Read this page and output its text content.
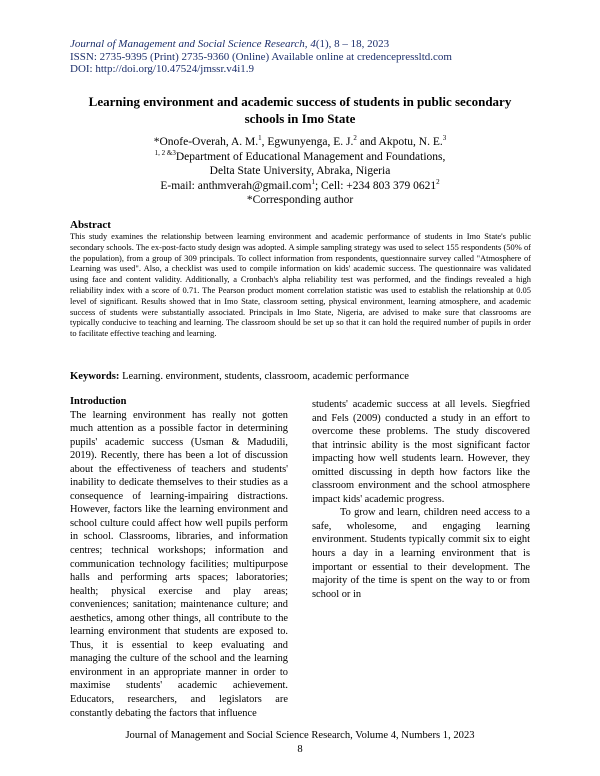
Journal of Management and Social Science Research, 4(1), 8 – 18, 2023
ISSN: 2735-9395 (Print) 2735-9360 (Online) Available online at credencepressltd.com
DOI: http://doi.org/10.47524/jmssr.v4i1.9
Learning environment and academic success of students in public secondary schools in Imo State
*Onofe-Overah, A. M.$^1$, Egwunyenga, E. J.$^2$ and Akpotu, N. E.$^3$
$^{1, 2 \&3}$Department of Educational Management and Foundations,
Delta State University, Abraka, Nigeria
E-mail: anthmverah@gmail.com$^1$; Cell: +234 803 379 0621$^2$
*Corresponding author
Abstract
This study examines the relationship between learning environment and academic performance of students in Imo State's public secondary schools. The ex-post-facto study design was adopted. A simple sampling strategy was used to select 155 respondents (50% of the population), from a group of 309 principals. To collect information from respondents, questionnaire survey called "Atmosphere of Learning was used". Also, a checklist was used to compile information on kids' academic success. The questionnaire was validated using face and content validity. Additionally, a Cronbach's alpha reliability test was performed, and the findings revealed a high reliability index with a score of 0.71. The Pearson product moment correlation statistic was used to establish the relationship at 0.05 level of significant. Results showed that in Imo State, classroom setting, physical environment, learning atmosphere, and academic success of students were substantially associated. Principals in Imo State, Nigeria, are advised to make sure that classrooms are typically conducive to teaching and learning. The classroom should be set up so that it can hold the required number of pupils in order to facilitate effective teaching and learning.
Keywords: Learning. environment, students, classroom, academic performance
Introduction

The learning environment has really not gotten much attention as a possible factor in determining pupils' academic success (Usman & Madudili, 2019). Recently, there has been a lot of discussion about the effectiveness of teachers and students' inability to dedicate themselves to their studies as a consequence of learning-impairing distractions. However, factors like the learning environment and school culture could affect how well pupils perform in school. Classrooms, libraries, and information centres; technical workshops; information and communication technology facilities; multipurpose halls and performing arts spaces; laboratories; health; physical exercise and play areas; conveniences; sanitation; maintenance culture; and aesthetics, among other things, all contribute to the learning environment that students are exposed to. Thus, it is essential to keep evaluating and managing the culture of the school and the learning environment in an appropriate manner in order to maximise students' academic achievement. Educators, researchers, and legislators are constantly debating the factors that influence

students' academic success at all levels. Siegfried and Fels (2009) conducted a study in an effort to overcome these problems. The study discovered that intrinsic ability is the most significant factor impacting how well students learn. However, they omitted discussing in depth how factors like the classroom environment and the school atmosphere impact kids' academic progress.

To grow and learn, children need access to a safe, wholesome, and engaging learning environment. Students typically commit six to eight hours a day in a learning environment that is important or essential to their development. The majority of the time is spent on the way to or from school or in

Journal of Management and Social Science Research, Volume 4, Numbers 1, 2023
8
